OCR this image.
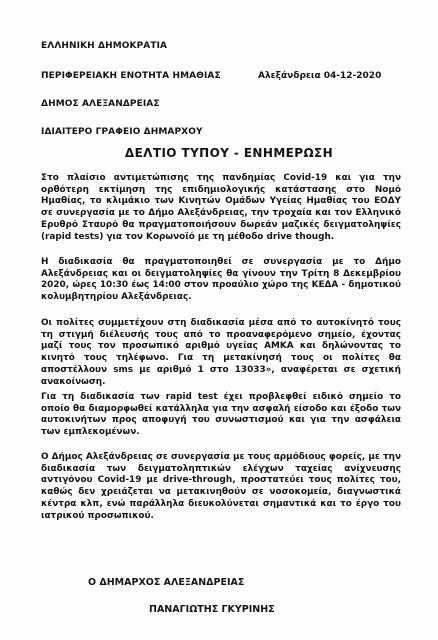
ΕΛΛΗΝΙΚΗ ΔΗΜΟΚΡΑΤΙΑ
ΠΕΡΙΦΕΡΕΙΑΚΗ ΕΝΟΤΗΤΑ ΗΜΑΘΙΑΣ	Αλεξάνδρεια 04-12-2020
ΔΗΜΟΣ ΑΛΕΞΑΝΔΡΕΙΑΣ
ΙΔΙΑΙΤΕΡΟ ΓΡΑΦΕΙΟ ΔΗΜΑΡΧΟΥ
ΔΕΛΤΙΟ ΤΥΠΟΥ - ΕΝΗΜΕΡΩΣΗ
Στο πλαίσιο αντιμετώπισης της πανδημίας Covid-19 και για την ορθότερη εκτίμηση της επιδημιολογικής κατάστασης στο Νομό Ημαθίας, το κλιμάκιο των Κινητών Ομάδων Υγείας Ημαθίας του ΕΟΔΥ σε συνεργασία με το Δήμο Αλεξάνδρειας, την τροχαία και τον Ελληνικό Ερυθρό Σταυρό θα πραγματοποιήσουν δωρεάν μαζικές δειγματοληψίες (rapid tests) για τον Κορωνοϊό με τη μέθοδο drive though.
Η διαδικασία θα πραγματοποιηθεί σε συνεργασία με το Δήμο Αλεξάνδρειας και οι δειγματοληψίες θα γίνουν την Τρίτη 8 Δεκεμβρίου 2020, ώρες 10:30 έως 14:00 στον προαύλιο χώρο της ΚΕΔΑ - δημοτικού κολυμβητηρίου Αλεξάνδρειας.
Οι πολίτες συμμετέχουν στη διαδικασία μέσα από το αυτοκίνητό τους τη στιγμή διέλευσής τους από το προαναφερόμενο σημείο, έχοντας μαζί τους τον προσωπικό αριθμό υγείας ΑΜΚΑ και δηλώνοντας το κινητό τους τηλέφωνο. Για τη μετακίνησή τους οι πολίτες θα αποστέλλουν sms με αριθμό 1 στο 13033», αναφέρεται σε σχετική ανακοίνωση.
Για τη διαδικασία των rapid test έχει προβλεφθεί ειδικό σημείο το οποίο θα διαμορφωθεί κατάλληλα για την ασφαλή είσοδο και έξοδο των αυτοκινήτων προς αποφυγή του συνωστισμού και για την ασφάλεια των εμπλεκομένων.
Ο Δήμος Αλεξάνδρειας σε συνεργασία με τους αρμόδιους φορείς, με την διαδικασία των δειγματοληπτικών ελέγχων ταχείας ανίχνευσης αντιγόνου Covid-19 με drive-through, προστατεύει τους πολίτες του, καθώς δεν χρειάζεται να μετακινηθούν σε νοσοκομεία, διαγνωστικά κέντρα κλπ, ενώ παράλληλα διευκολύνεται σημαντικά και το έργο του ιατρικού προσωπικού.
Ο ΔΗΜΑΡΧΟΣ ΑΛΕΞΑΝΔΡΕΙΑΣ
ΠΑΝΑΓΙΩΤΗΣ ΓΚΥΡΙΝΗΣ
